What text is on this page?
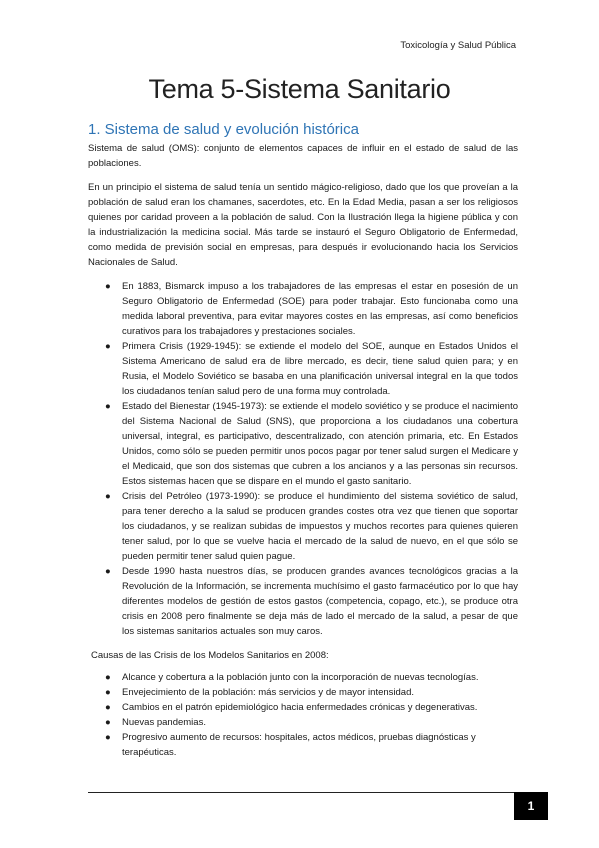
Toxicología y Salud Pública
Tema 5-Sistema Sanitario
1. Sistema de salud y evolución histórica

Sistema de salud (OMS): conjunto de elementos capaces de influir en el estado de salud de las poblaciones.

En un principio el sistema de salud tenía un sentido mágico-religioso, dado que los que proveían a la población de salud eran los chamanes, sacerdotes, etc. En la Edad Media, pasan a ser los religiosos quienes por caridad proveen a la población de salud. Con la Ilustración llega la higiene pública y con la industrialización la medicina social. Más tarde se instauró el Seguro Obligatorio de Enfermedad, como medida de previsión social en empresas, para después ir evolucionando hacia los Servicios Nacionales de Salud.

● En 1883, Bismarck impuso a los trabajadores de las empresas el estar en posesión de un Seguro Obligatorio de Enfermedad (SOE) para poder trabajar. Esto funcionaba como una medida laboral preventiva, para evitar mayores costes en las empresas, así como beneficios curativos para los trabajadores y prestaciones sociales.
● Primera Crisis (1929-1945): se extiende el modelo del SOE, aunque en Estados Unidos el Sistema Americano de salud era de libre mercado, es decir, tiene salud quien para; y en Rusia, el Modelo Soviético se basaba en una planificación universal integral en la que todos los ciudadanos tenían salud pero de una forma muy controlada.
● Estado del Bienestar (1945-1973): se extiende el modelo soviético y se produce el nacimiento del Sistema Nacional de Salud (SNS), que proporciona a los ciudadanos una cobertura universal, integral, es participativo, descentralizado, con atención primaria, etc. En Estados Unidos, como sólo se pueden permitir unos pocos pagar por tener salud surgen el Medicare y el Medicaid, que son dos sistemas que cubren a los ancianos y a las personas sin recursos. Estos sistemas hacen que se dispare en el mundo el gasto sanitario.
● Crisis del Petróleo (1973-1990): se produce el hundimiento del sistema soviético de salud, para tener derecho a la salud se producen grandes costes otra vez que tienen que soportar los ciudadanos, y se realizan subidas de impuestos y muchos recortes para quienes quieren tener salud, por lo que se vuelve hacia el mercado de la salud de nuevo, en el que sólo se pueden permitir tener salud quien pague.
● Desde 1990 hasta nuestros días, se producen grandes avances tecnológicos gracias a la Revolución de la Información, se incrementa muchísimo el gasto farmacéutico por lo que hay diferentes modelos de gestión de estos gastos (competencia, copago, etc.), se produce otra crisis en 2008 pero finalmente se deja más de lado el mercado de la salud, a pesar de que los sistemas sanitarios actuales son muy caros.
Causas de las Crisis de los Modelos Sanitarios en 2008:
● Alcance y cobertura a la población junto con la incorporación de nuevas tecnologías.
● Envejecimiento de la población: más servicios y de mayor intensidad.
● Cambios en el patrón epidemiológico hacia enfermedades crónicas y degenerativas.
● Nuevas pandemias.
● Progresivo aumento de recursos: hospitales, actos médicos, pruebas diagnósticas y terapéuticas.
1
